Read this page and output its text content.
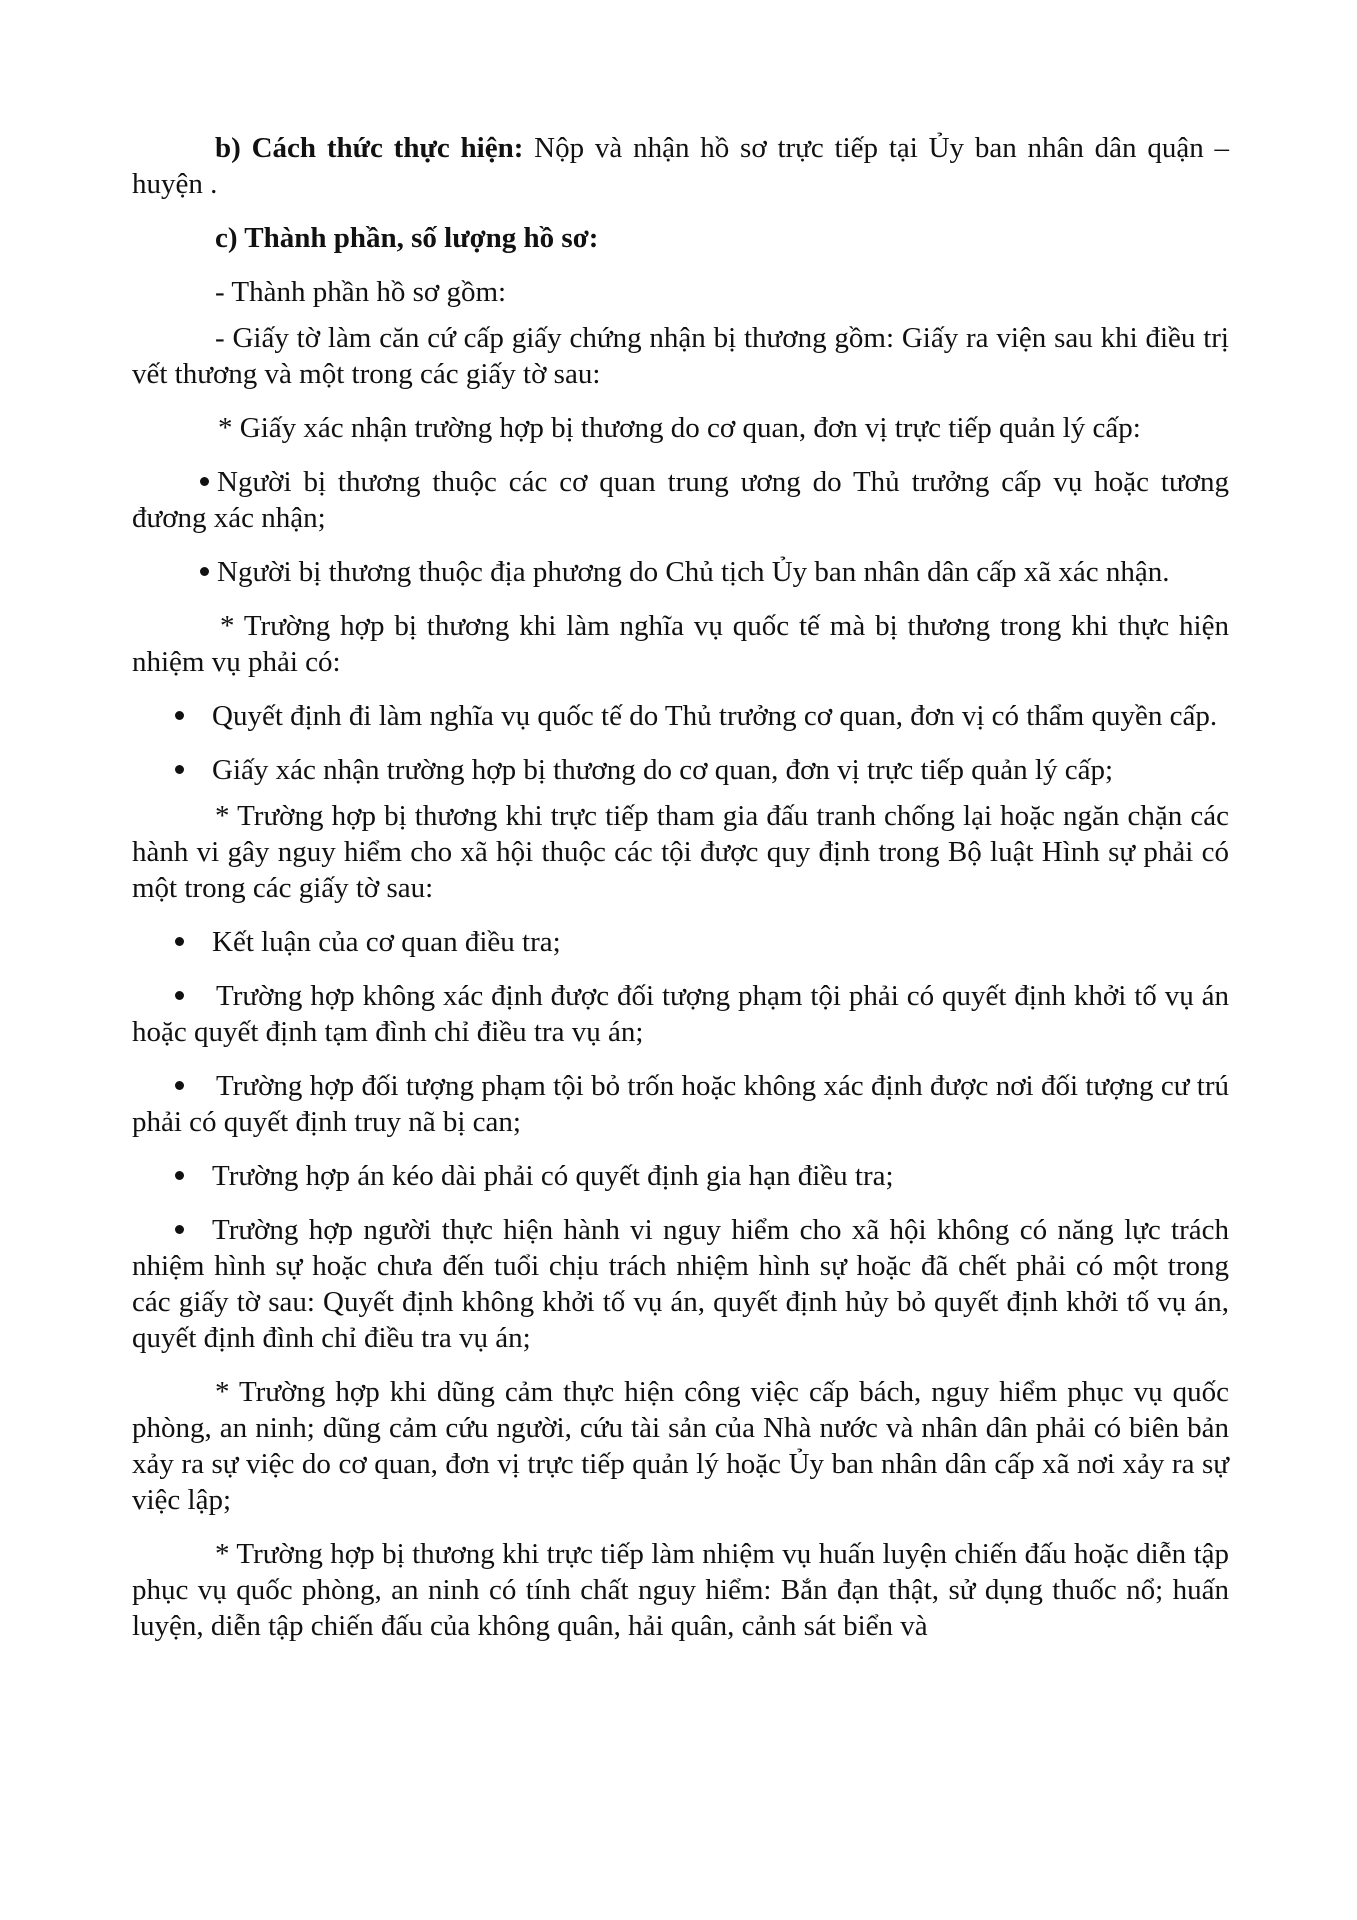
b) Cách thức thực hiện: Nộp và nhận hồ sơ trực tiếp tại Ủy ban nhân dân quận – huyện .

c) Thành phần, số lượng hồ sơ:

- Thành phần hồ sơ gồm:

- Giấy tờ làm căn cứ cấp giấy chứng nhận bị thương gồm: Giấy ra viện sau khi điều trị vết thương và một trong các giấy tờ sau:

* Giấy xác nhận trường hợp bị thương do cơ quan, đơn vị trực tiếp quản lý cấp:

Người bị thương thuộc các cơ quan trung ương do Thủ trưởng cấp vụ hoặc tương đương xác nhận;

Người bị thương thuộc địa phương do Chủ tịch Ủy ban nhân dân cấp xã xác nhận.

* Trường hợp bị thương khi làm nghĩa vụ quốc tế mà bị thương trong khi thực hiện nhiệm vụ phải có:

Quyết định đi làm nghĩa vụ quốc tế do Thủ trưởng cơ quan, đơn vị có thẩm quyền cấp.

Giấy xác nhận trường hợp bị thương do cơ quan, đơn vị trực tiếp quản lý cấp;

* Trường hợp bị thương khi trực tiếp tham gia đấu tranh chống lại hoặc ngăn chặn các hành vi gây nguy hiểm cho xã hội thuộc các tội được quy định trong Bộ luật Hình sự phải có một trong các giấy tờ sau:

Kết luận của cơ quan điều tra;

Trường hợp không xác định được đối tượng phạm tội phải có quyết định khởi tố vụ án hoặc quyết định tạm đình chỉ điều tra vụ án;

Trường hợp đối tượng phạm tội bỏ trốn hoặc không xác định được nơi đối tượng cư trú phải có quyết định truy nã bị can;

Trường hợp án kéo dài phải có quyết định gia hạn điều tra;

Trường hợp người thực hiện hành vi nguy hiểm cho xã hội không có năng lực trách nhiệm hình sự hoặc chưa đến tuổi chịu trách nhiệm hình sự hoặc đã chết phải có một trong các giấy tờ sau: Quyết định không khởi tố vụ án, quyết định hủy bỏ quyết định khởi tố vụ án, quyết định đình chỉ điều tra vụ án;

* Trường hợp khi dũng cảm thực hiện công việc cấp bách, nguy hiểm phục vụ quốc phòng, an ninh; dũng cảm cứu người, cứu tài sản của Nhà nước và nhân dân phải có biên bản xảy ra sự việc do cơ quan, đơn vị trực tiếp quản lý hoặc Ủy ban nhân dân cấp xã nơi xảy ra sự việc lập;

* Trường hợp bị thương khi trực tiếp làm nhiệm vụ huấn luyện chiến đấu hoặc diễn tập phục vụ quốc phòng, an ninh có tính chất nguy hiểm: Bắn đạn thật, sử dụng thuốc nổ; huấn luyện, diễn tập chiến đấu của không quân, hải quân, cảnh sát biển và
